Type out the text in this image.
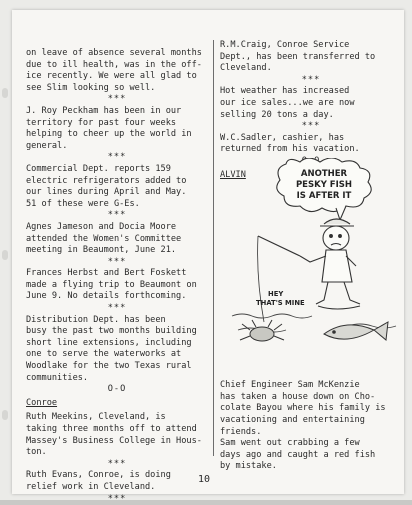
on leave of absence several months
due to ill health, was in the off-
ice recently. We were all glad to
see Slim looking so well.

***

J. Roy Peckham has been in our
territory for past four weeks
helping to cheer up the world in
general.

***

Commercial Dept. reports 159
electric refrigerators added to
our lines during April and May.
51 of these were G-Es.

***

Agnes Jameson and Docia Moore
attended the Women's Committee
meeting in Beaumont, June 21.

***

Frances Herbst and Bert Foskett
made a flying trip to Beaumont on
June 9. No details forthcoming.

***

Distribution Dept. has been
busy the past two months building
short line extensions, including
one to serve the waterworks at
Woodlake for the two Texas rural
communities.

O-O

Conroe

Ruth Meekins, Cleveland, is
taking three months off to attend
Massey's Business College in Hous-
ton.

***

Ruth Evans, Conroe, is doing
relief work in Cleveland.

***

R.M.Craig, Conroe Service
Dept., has been transferred to
Cleveland.

***

Hot weather has increased
our ice sales...we are now
selling 20 tons a day.

***

W.C.Sadler, cashier, has
returned from his vacation.

ALVIN

Chief Engineer Sam McKenzie
has taken a house down on Cho-
colate Bayou where his family is
vacationing and entertaining
friends.

Sam went out crabbing a few
days ago and caught a red fish
by mistake.

ANOTHER
PESKY FISH
IS AFTER IT
HEY
THAT'S MINE
10
